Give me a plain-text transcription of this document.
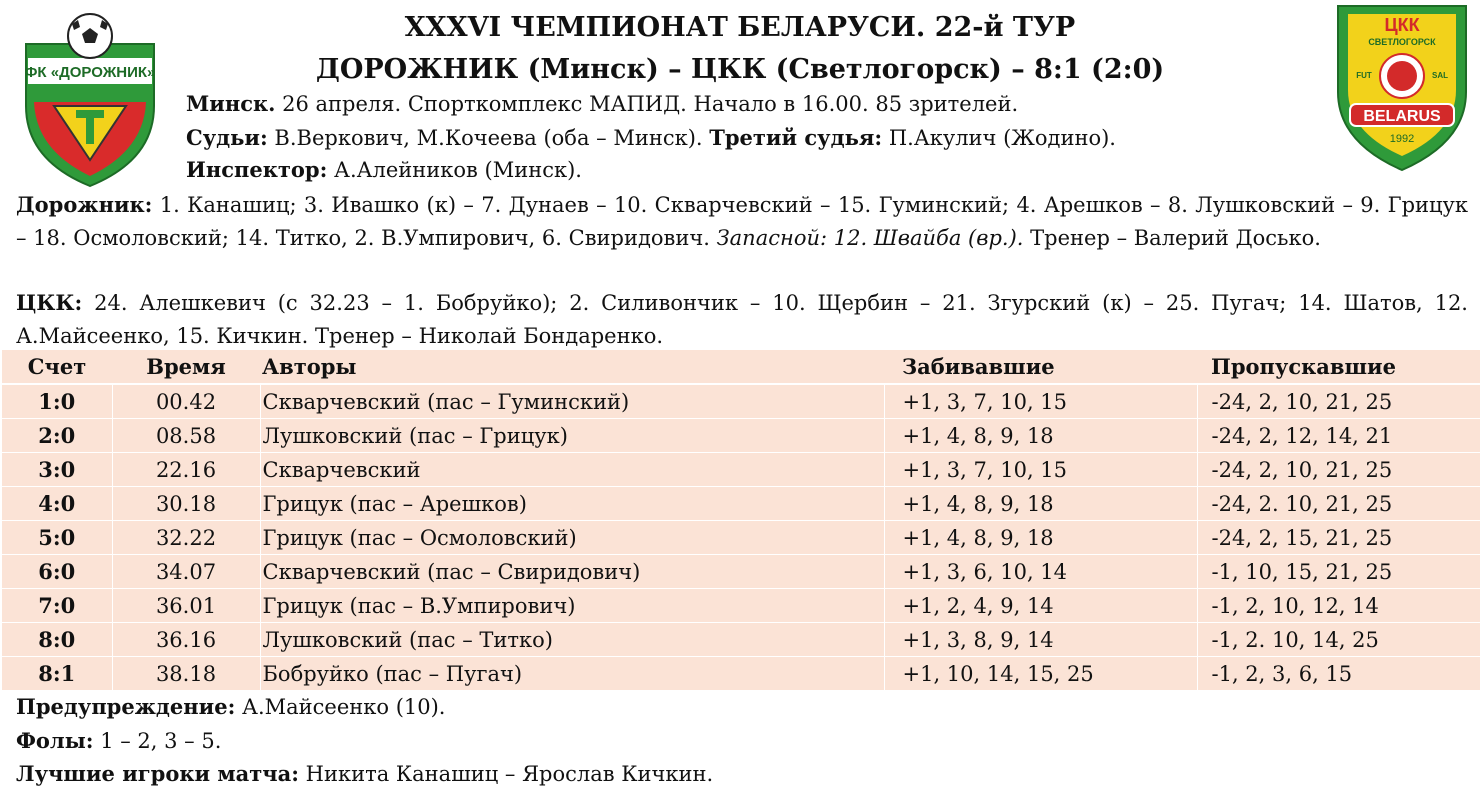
ФК «ДОРОЖНИК»
ЦКК
СВЕТЛОГОРСК
FUT	SAL
BELARUS
1992
XXXVI ЧЕМПИОНАТ БЕЛАРУСИ. 22-й ТУР
ДОРОЖНИК (Минск) – ЦКК (Светлогорск) – 8:1 (2:0)
Минск. 26 апреля. Спорткомплекс МАПИД. Начало в 16.00. 85 зрителей.
Судьи: В.Веркович, М.Кочеева (оба – Минск). Третий судья: П.Акулич (Жодино).
Инспектор: А.Алейников (Минск).
Дорожник: 1. Канашиц; 3. Ивашко (к) – 7. Дунаев – 10. Скварчевский – 15. Гуминский; 4. Арешков – 8. Лушковский – 9. Грицук – 18. Осмоловский; 14. Титко, 2. В.Умпирович, 6. Свиридович. Запасной: 12. Швайба (вр.). Тренер – Валерий Досько.
ЦКК: 24. Алешкевич (с 32.23 – 1. Бобруйко); 2. Силивончик – 10. Щербин – 21. Згурский (к) – 25. Пугач; 14. Шатов, 12. А.Майсеенко, 15. Кичкин. Тренер – Николай Бондаренко.
Счет	Время	Авторы	Забивавшие	Пропускавшие
1:0	00.42	Скварчевский (пас – Гуминский)	+1, 3, 7, 10, 15	-24, 2, 10, 21, 25
2:0	08.58	Лушковский (пас – Грицук)	+1, 4, 8, 9, 18	-24, 2, 12, 14, 21
3:0	22.16	Скварчевский	+1, 3, 7, 10, 15	-24, 2, 10, 21, 25
4:0	30.18	Грицук (пас – Арешков)	+1, 4, 8, 9, 18	-24, 2. 10, 21, 25
5:0	32.22	Грицук (пас – Осмоловский)	+1, 4, 8, 9, 18	-24, 2, 15, 21, 25
6:0	34.07	Скварчевский (пас – Свиридович)	+1, 3, 6, 10, 14	-1, 10, 15, 21, 25
7:0	36.01	Грицук (пас – В.Умпирович)	+1, 2, 4, 9, 14	-1, 2, 10, 12, 14
8:0	36.16	Лушковский (пас – Титко)	+1, 3, 8, 9, 14	-1, 2. 10, 14, 25
8:1	38.18	Бобруйко (пас – Пугач)	+1, 10, 14, 15, 25	-1, 2, 3, 6, 15
Предупреждение: А.Майсеенко (10).
Фолы: 1 – 2, 3 – 5.
Лучшие игроки матча: Никита Канашиц – Ярослав Кичкин.
